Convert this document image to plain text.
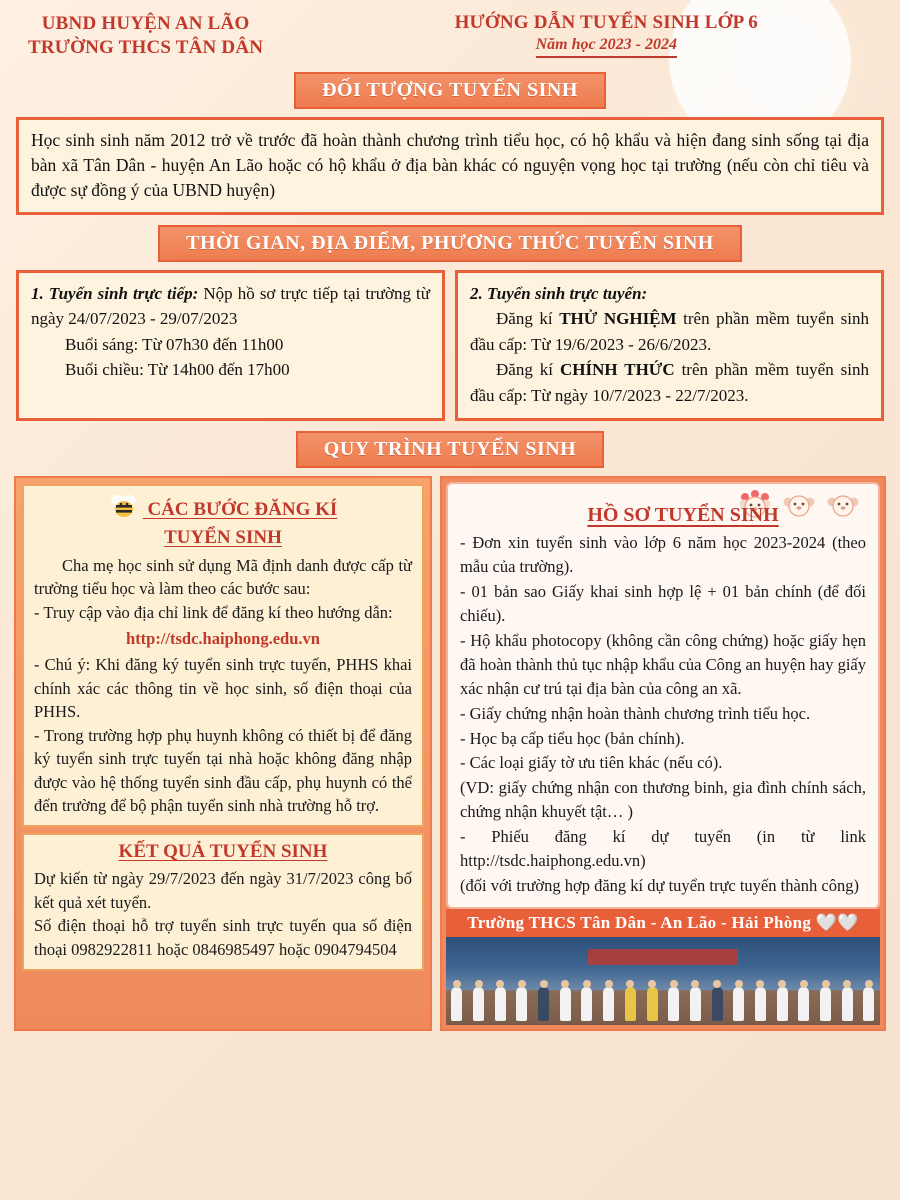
UBND HUYỆN AN LÃO
TRƯỜNG THCS TÂN DÂN
HƯỚNG DẪN TUYỂN SINH LỚP 6
Năm học 2023 - 2024
ĐỐI TƯỢNG TUYỂN SINH

Học sinh sinh năm 2012 trở về trước đã hoàn thành chương trình tiểu học, có hộ khẩu và hiện đang sinh sống tại địa bàn xã Tân Dân - huyện An Lão hoặc có hộ khẩu ở địa bàn khác có nguyện vọng học tại trường (nếu còn chỉ tiêu và được sự đồng ý của UBND huyện)

THỜI GIAN, ĐỊA ĐIỂM, PHƯƠNG THỨC TUYỂN SINH

1. Tuyển sinh trực tiếp: Nộp hồ sơ trực tiếp tại trường từ ngày 24/07/2023 - 29/07/2023

Buổi sáng: Từ 07h30 đến 11h00
Buổi chiều: Từ 14h00 đến 17h00

2. Tuyển sinh trực tuyến:

Đăng kí THỬ NGHIỆM trên phần mềm tuyển sinh đầu cấp: Từ 19/6/2023 - 26/6/2023.

Đăng kí CHÍNH THỨC trên phần mềm tuyển sinh đầu cấp: Từ ngày 10/7/2023 - 22/7/2023.

QUY TRÌNH TUYỂN SINH
CÁC BƯỚC ĐĂNG KÍ
TUYỂN SINH
Cha mẹ học sinh sử dụng Mã định danh được cấp từ trường tiểu học và làm theo các bước sau:
- Truy cập vào địa chỉ link để đăng kí theo hướng dẫn:
http://tsdc.haiphong.edu.vn
- Chú ý: Khi đăng ký tuyển sinh trực tuyến, PHHS khai chính xác các thông tin về học sinh, số điện thoại của PHHS.
- Trong trường hợp phụ huynh không có thiết bị để đăng ký tuyển sinh trực tuyến tại nhà hoặc không đăng nhập được vào hệ thống tuyển sinh đầu cấp, phụ huynh có thể đến trường để bộ phận tuyển sinh nhà trường hỗ trợ.
KẾT QUẢ TUYỂN SINH
Dự kiến từ ngày 29/7/2023 đến ngày 31/7/2023 công bố kết quả xét tuyển.
Số điện thoại hỗ trợ tuyển sinh trực tuyến qua số điện thoại 0982922811 hoặc 0846985497 hoặc 0904794504
HỒ SƠ TUYỂN SINH

- Đơn xin tuyển sinh vào lớp 6 năm học 2023-2024 (theo mẫu của trường).

- 01 bản sao Giấy khai sinh hợp lệ + 01 bản chính (để đối chiếu).

- Hộ khẩu photocopy (không cần công chứng) hoặc giấy hẹn đã hoàn thành thủ tục nhập khẩu của Công an huyện hay giấy xác nhận cư trú tại địa bàn của công an xã.

- Giấy chứng nhận hoàn thành chương trình tiểu học.

- Học bạ cấp tiểu học (bản chính).

- Các loại giấy tờ ưu tiên khác (nếu có).

(VD: giấy chứng nhận con thương binh, gia đình chính sách, chứng nhận khuyết tật… )

- Phiếu đăng kí dự tuyển (in từ link http://tsdc.haiphong.edu.vn)

(đối với trường hợp đăng kí dự tuyển trực tuyến thành công)

Trường THCS Tân Dân - An Lão - Hải Phòng 🤍🤍
